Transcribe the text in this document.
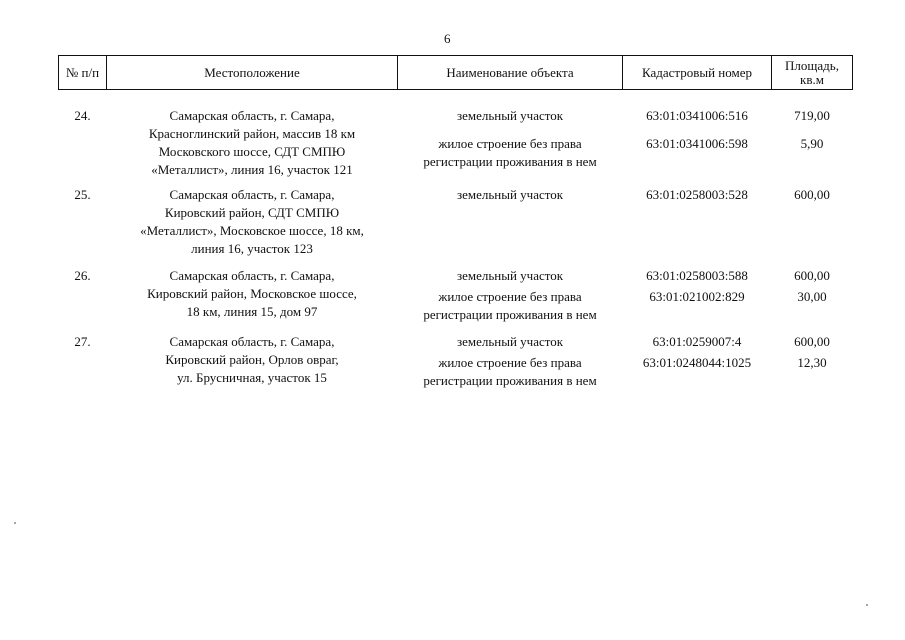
6
№ п/п	Местоположение	Наименование объекта	Кадастровый номер	Площадь, кв.м

24.	Самарская область, г. Самара,
Красноглинский район, массив 18 км
Московского шоссе, СДТ СМПЮ
«Металлист», линия 16, участок 121	земельный участок	63:01:0341006:516	719,00

		жилое строение без права
регистрации проживания в нем	63:01:0341006:598	5,90

25.	Самарская область, г. Самара,
Кировский район, СДТ СМПЮ
«Металлист», Московское шоссе, 18 км,
линия 16, участок 123	земельный участок	63:01:0258003:528	600,00

26.	Самарская область, г. Самара,
Кировский район, Московское шоссе,
18 км, линия 15, дом 97	земельный участок	63:01:0258003:588	600,00

		жилое строение без права
регистрации проживания в нем	63:01:021002:829	30,00

27.	Самарская область, г. Самара,
Кировский район, Орлов овраг,
ул. Брусничная, участок 15	земельный участок	63:01:0259007:4	600,00

		жилое строение без права
регистрации проживания в нем	63:01:0248044:1025	12,30
